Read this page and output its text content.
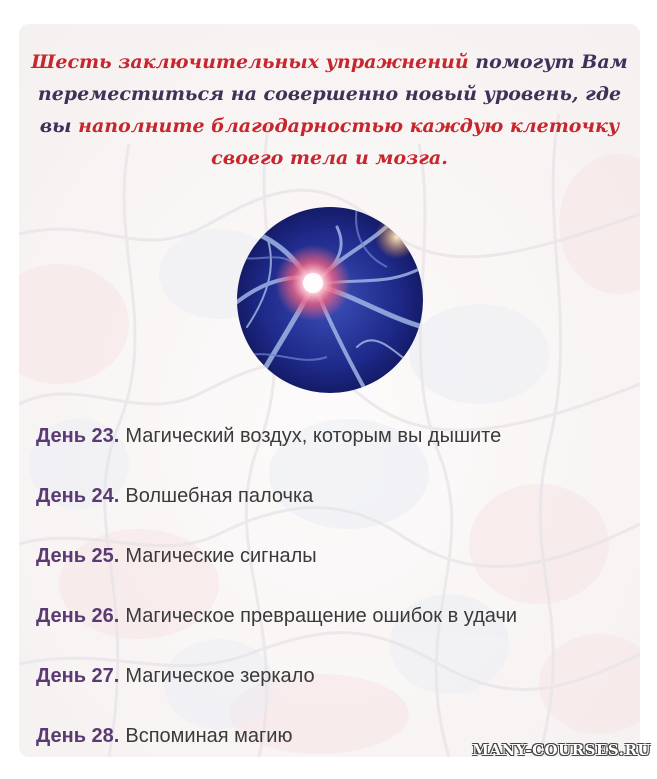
Шесть заключительных упражнений помогут Вам переместиться на совершенно новый уровень, где вы наполните благодарностью каждую клеточку своего тела и мозга.
День 23. Магический воздух, которым вы дышите
День 24. Волшебная палочка
День 25. Магические сигналы
День 26. Магическое превращение ошибок в удачи
День 27. Магическое зеркало
День 28. Вспоминая магию
MANY-COURSES.RU
